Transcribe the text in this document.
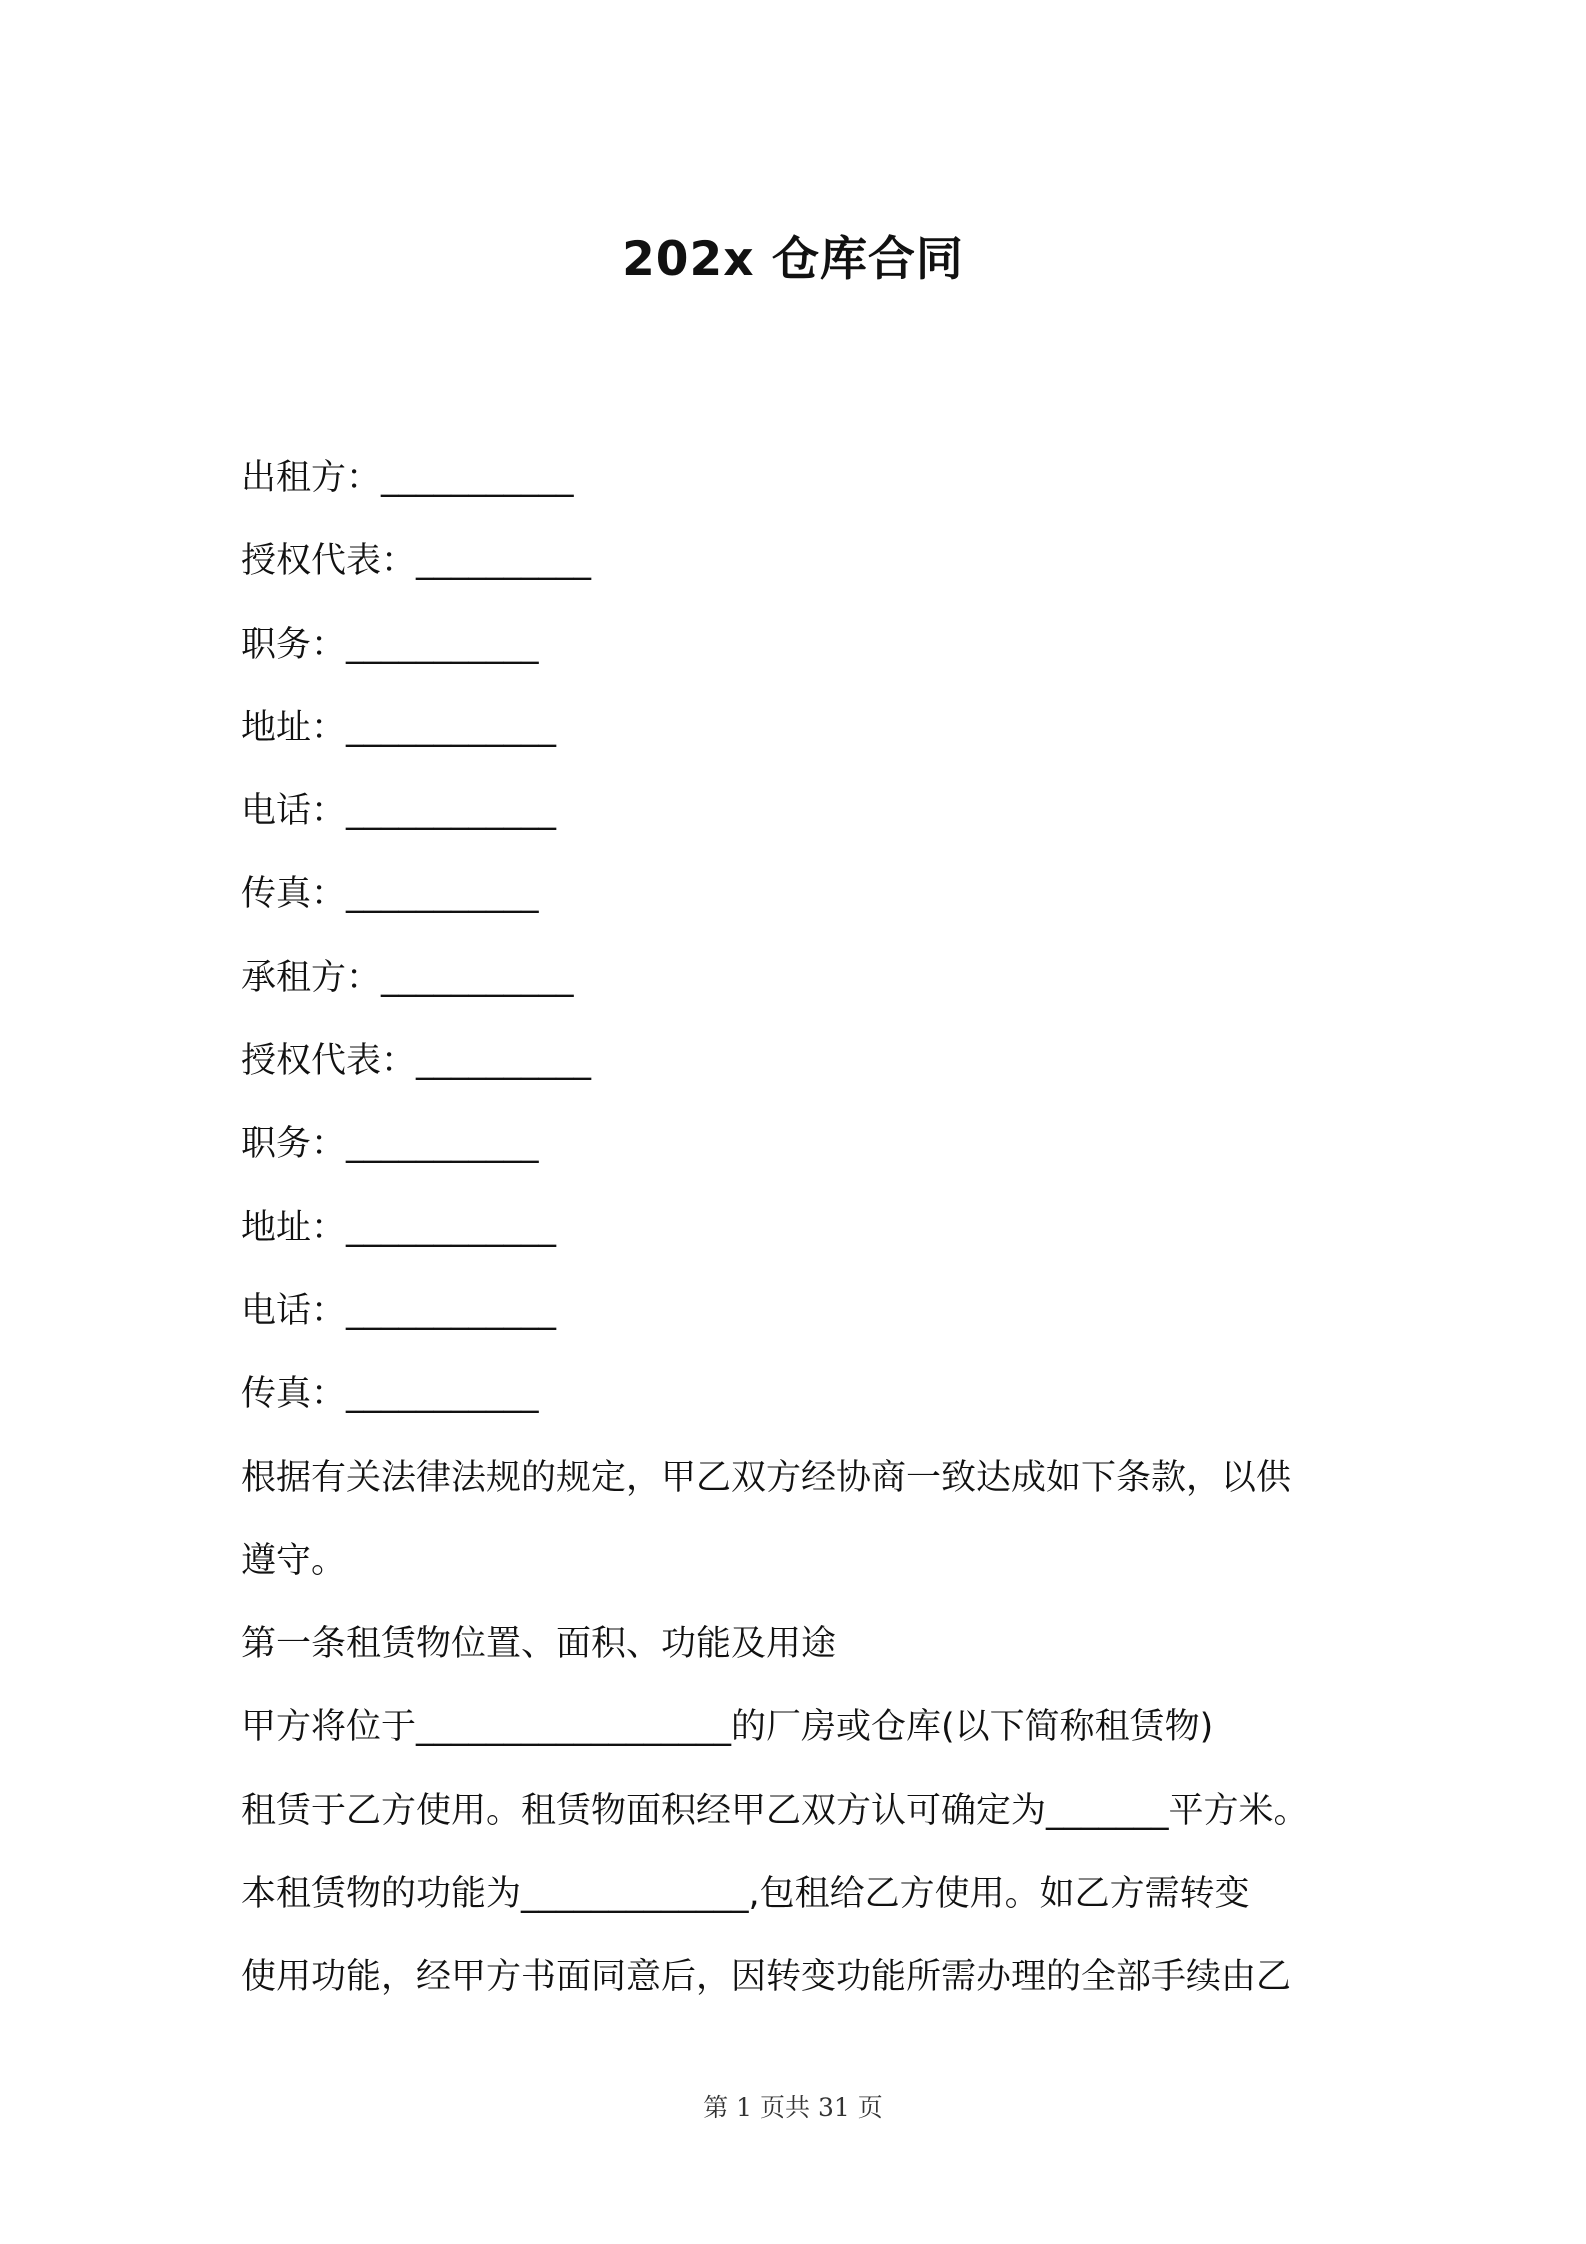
202x 仓库合同
出租方：___________
授权代表：__________
职务：___________
地址：____________
电话：____________
传真：___________
承租方：___________
授权代表：__________
职务：___________
地址：____________
电话：____________
传真：___________
根据有关法律法规的规定，甲乙双方经协商一致达成如下条款，以供
遵守。
第一条租赁物位置、面积、功能及用途
甲方将位于__________________的厂房或仓库(以下简称租赁物)
租赁于乙方使用。租赁物面积经甲乙双方认可确定为_______平方米。
本租赁物的功能为_____________,包租给乙方使用。如乙方需转变
使用功能，经甲方书面同意后，因转变功能所需办理的全部手续由乙
第 1 页共 31 页
